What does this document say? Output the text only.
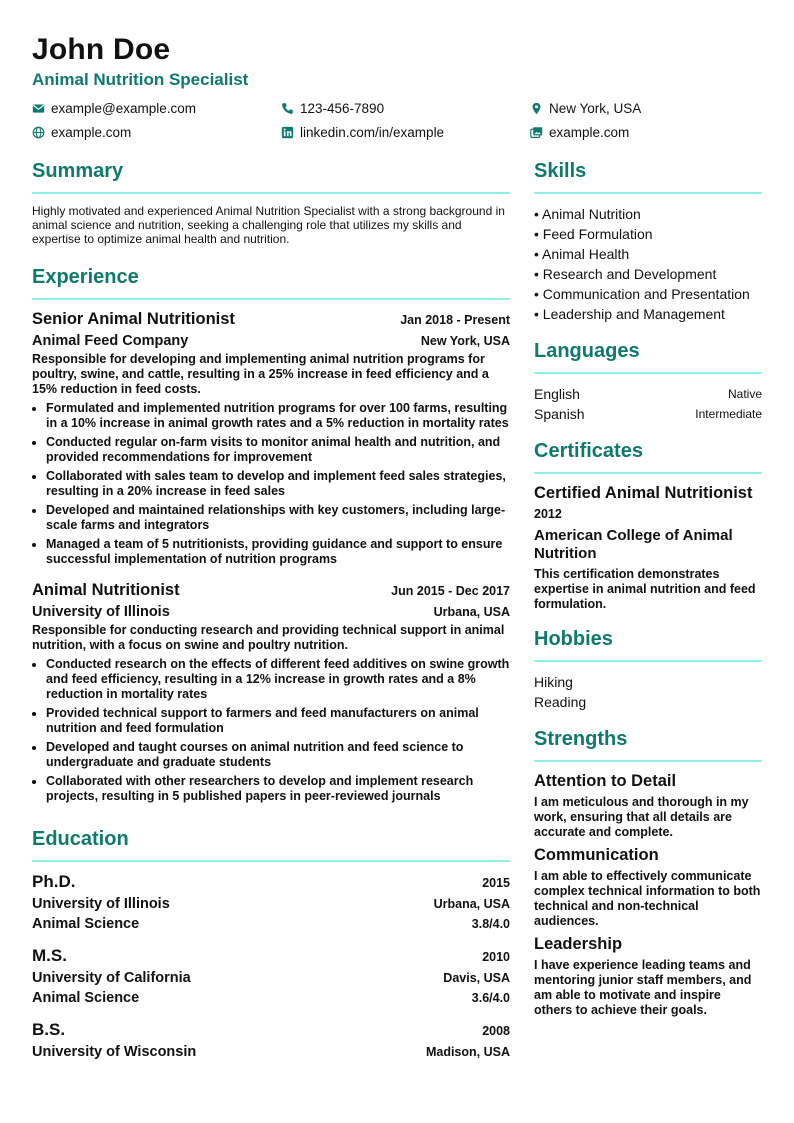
John Doe
Animal Nutrition Specialist
example@example.com	123-456-7890	New York, USA
example.com	linkedin.com/in/example	example.com
Summary
Highly motivated and experienced Animal Nutrition Specialist with a strong background in animal science and nutrition, seeking a challenging role that utilizes my skills and expertise to optimize animal health and nutrition.
Experience
Senior Animal Nutritionist	Jan 2018 - Present
Animal Feed Company	New York, USA
Responsible for developing and implementing animal nutrition programs for poultry, swine, and cattle, resulting in a 25% increase in feed efficiency and a 15% reduction in feed costs.
• Formulated and implemented nutrition programs for over 100 farms, resulting in a 10% increase in animal growth rates and a 5% reduction in mortality rates
• Conducted regular on-farm visits to monitor animal health and nutrition, and provided recommendations for improvement
• Collaborated with sales team to develop and implement feed sales strategies, resulting in a 20% increase in feed sales
• Developed and maintained relationships with key customers, including large-scale farms and integrators
• Managed a team of 5 nutritionists, providing guidance and support to ensure successful implementation of nutrition programs
Animal Nutritionist	Jun 2015 - Dec 2017
University of Illinois	Urbana, USA
Responsible for conducting research and providing technical support in animal nutrition, with a focus on swine and poultry nutrition.
• Conducted research on the effects of different feed additives on swine growth and feed efficiency, resulting in a 12% increase in growth rates and a 8% reduction in mortality rates
• Provided technical support to farmers and feed manufacturers on animal nutrition and feed formulation
• Developed and taught courses on animal nutrition and feed science to undergraduate and graduate students
• Collaborated with other researchers to develop and implement research projects, resulting in 5 published papers in peer-reviewed journals
Education
Ph.D.	2015
University of Illinois	Urbana, USA
Animal Science	3.8/4.0
M.S.	2010
University of California	Davis, USA
Animal Science	3.6/4.0
B.S.	2008
University of Wisconsin	Madison, USA
Skills
• Animal Nutrition
• Feed Formulation
• Animal Health
• Research and Development
• Communication and Presentation
• Leadership and Management
Languages
English	Native
Spanish	Intermediate
Certificates
Certified Animal Nutritionist
2012
American College of Animal Nutrition
This certification demonstrates expertise in animal nutrition and feed formulation.
Hobbies
Hiking
Reading
Strengths
Attention to Detail
I am meticulous and thorough in my work, ensuring that all details are accurate and complete.
Communication
I am able to effectively communicate complex technical information to both technical and non-technical audiences.
Leadership
I have experience leading teams and mentoring junior staff members, and am able to motivate and inspire others to achieve their goals.
